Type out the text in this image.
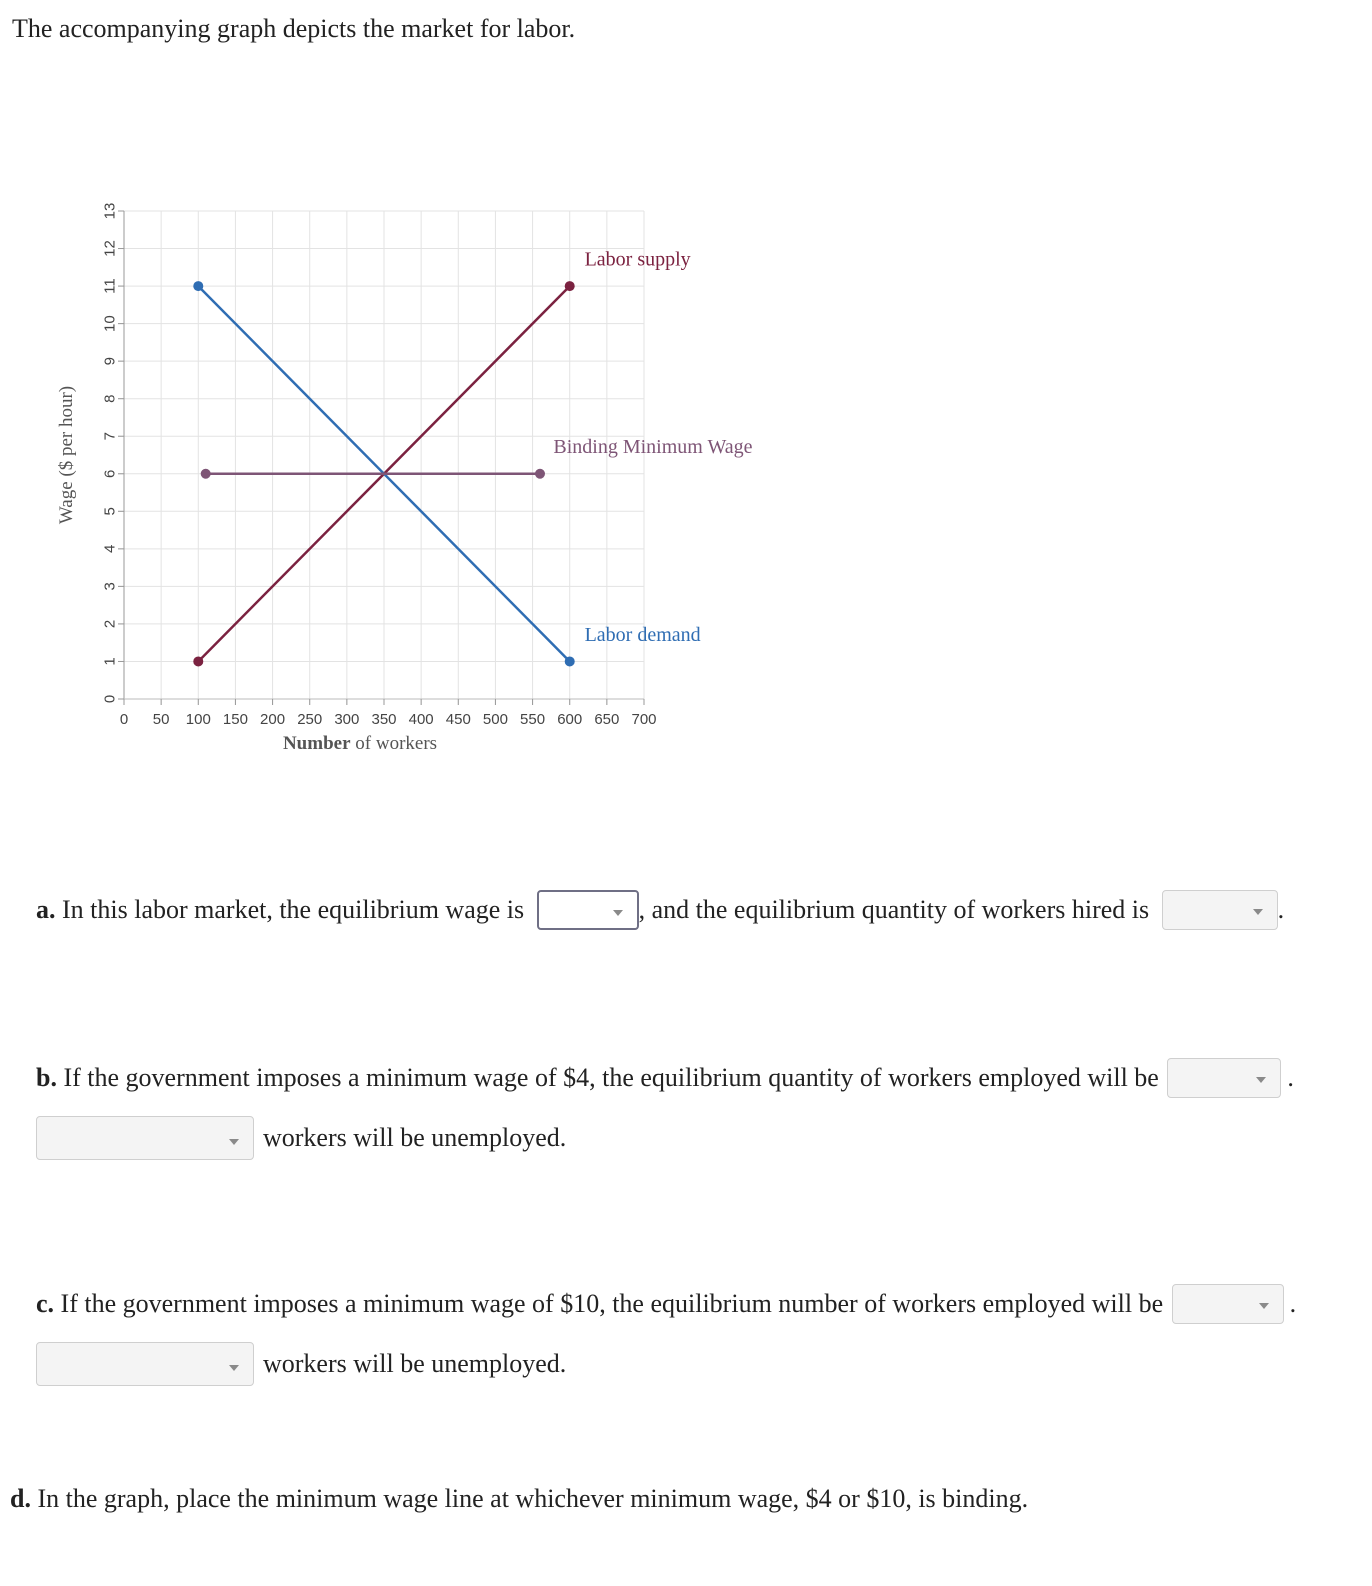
The accompanying graph depicts the market for labor.

0
1
2
3
4
5
6
7
8
9
10
11
12
13
0 50 100 150 200 250 300 350 400 450 500 550 600 650 700
Labor supply
Labor demand
Binding Minimum Wage
Wage ($ per hour)
Number of workers
a. In this labor market, the equilibrium wage is	, and the equilibrium quantity of workers hired is	.
b. If the government imposes a minimum wage of $4, the equilibrium quantity of workers employed will be	.
workers will be unemployed.
c. If the government imposes a minimum wage of $10, the equilibrium number of workers employed will be	.
workers will be unemployed.
d. In the graph, place the minimum wage line at whichever minimum wage, $4 or $10, is binding.
